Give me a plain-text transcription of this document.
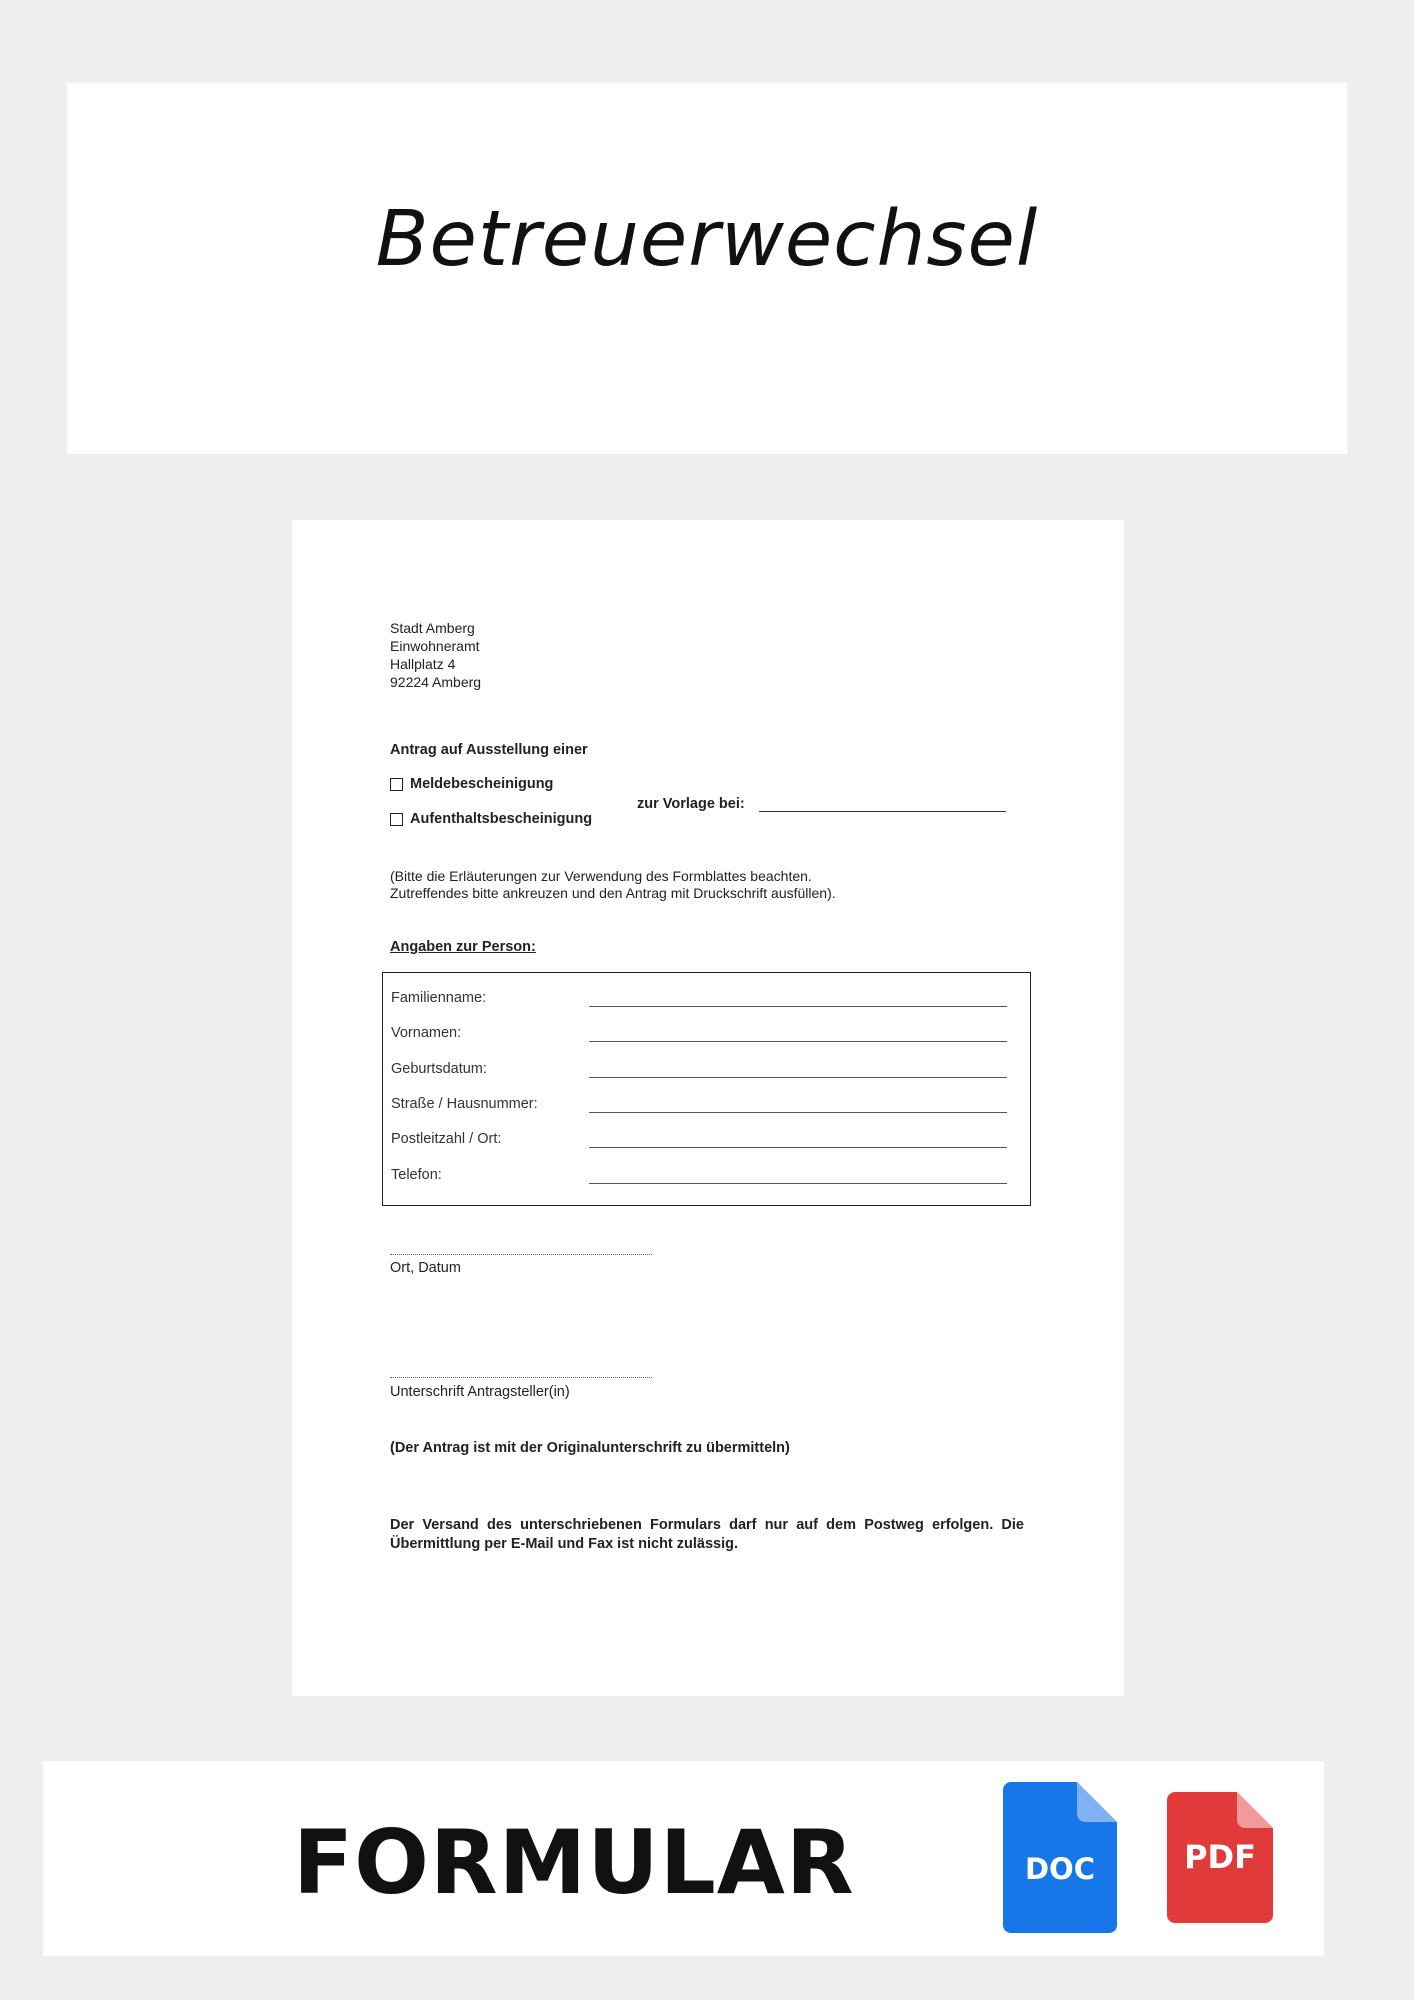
Betreuerwechsel
Stadt Amberg
Einwohneramt
Hallplatz 4
92224 Amberg
Antrag auf Ausstellung einer
Meldebescheinigung
Aufenthaltsbescheinigung
zur Vorlage bei:
(Bitte die Erläuterungen zur Verwendung des Formblattes beachten.
Zutreffendes bitte ankreuzen und den Antrag mit Druckschrift ausfüllen).
Angaben zur Person:
Familienname:
Vornamen:
Geburtsdatum:
Straße / Hausnummer:
Postleitzahl / Ort:
Telefon:
Ort, Datum
Unterschrift Antragsteller(in)
(Der Antrag ist mit der Originalunterschrift zu übermitteln)
Der Versand des unterschriebenen Formulars darf nur auf dem Postweg erfolgen. Die Übermittlung per E-Mail und Fax ist nicht zulässig.
FORMULAR	DOC	PDF
